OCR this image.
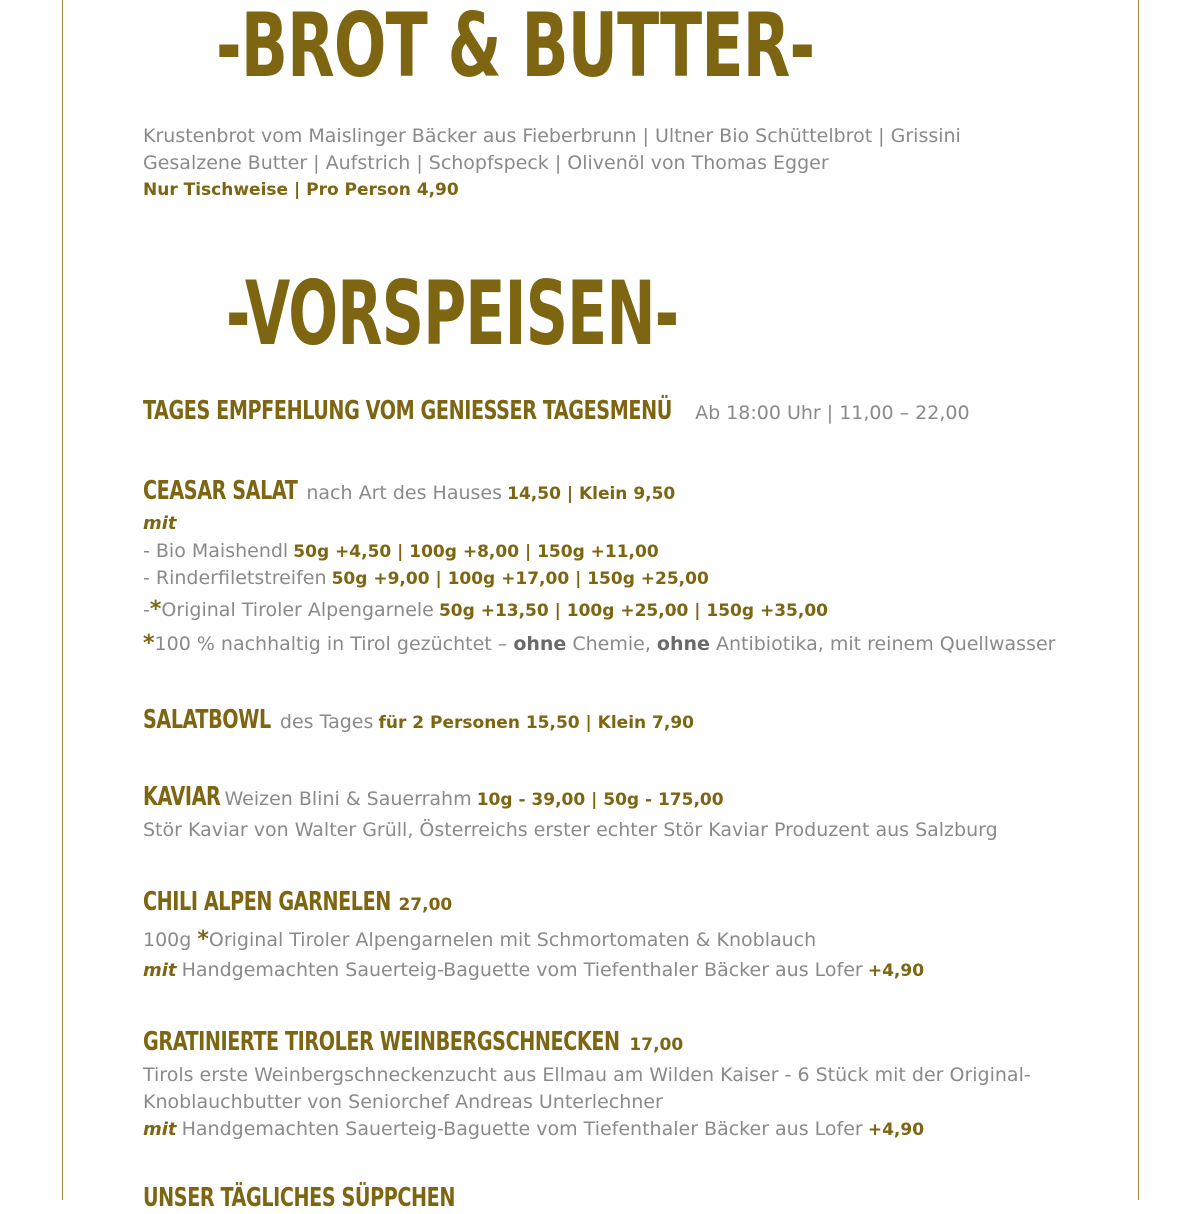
-BROT & BUTTER-
Krustenbrot vom Maislinger Bäcker aus Fieberbrunn | Ultner Bio Schüttelbrot | Grissini
Gesalzene Butter | Aufstrich | Schopfspeck | Olivenöl von Thomas Egger
Nur Tischweise | Pro Person 4,90
-VORSPEISEN-
TAGES EMPFEHLUNG VOM GENIESSER TAGESMENÜ Ab 18:00 Uhr | 11,00 – 22,00
CEASAR SALAT nach Art des Hauses 14,50 | Klein 9,50
mit
- Bio Maishendl 50g +4,50 | 100g +8,00 | 150g +11,00
- Rinderfiletstreifen 50g +9,00 | 100g +17,00 | 150g +25,00
-*Original Tiroler Alpengarnele 50g +13,50 | 100g +25,00 | 150g +35,00
*100 % nachhaltig in Tirol gezüchtet – ohne Chemie, ohne Antibiotika, mit reinem Quellwasser
SALATBOWL des Tages für 2 Personen 15,50 | Klein 7,90
KAVIAR Weizen Blini & Sauerrahm 10g - 39,00 | 50g - 175,00
Stör Kaviar von Walter Grüll, Österreichs erster echter Stör Kaviar Produzent aus Salzburg
CHILI ALPEN GARNELEN 27,00
100g *Original Tiroler Alpengarnelen mit Schmortomaten & Knoblauch
mit Handgemachten Sauerteig-Baguette vom Tiefenthaler Bäcker aus Lofer +4,90
GRATINIERTE TIROLER WEINBERGSCHNECKEN 17,00
Tirols erste Weinbergschneckenzucht aus Ellmau am Wilden Kaiser - 6 Stück mit der Original-
Knoblauchbutter von Seniorchef Andreas Unterlechner
mit Handgemachten Sauerteig-Baguette vom Tiefenthaler Bäcker aus Lofer +4,90
UNSER TÄGLICHES SÜPPCHEN
